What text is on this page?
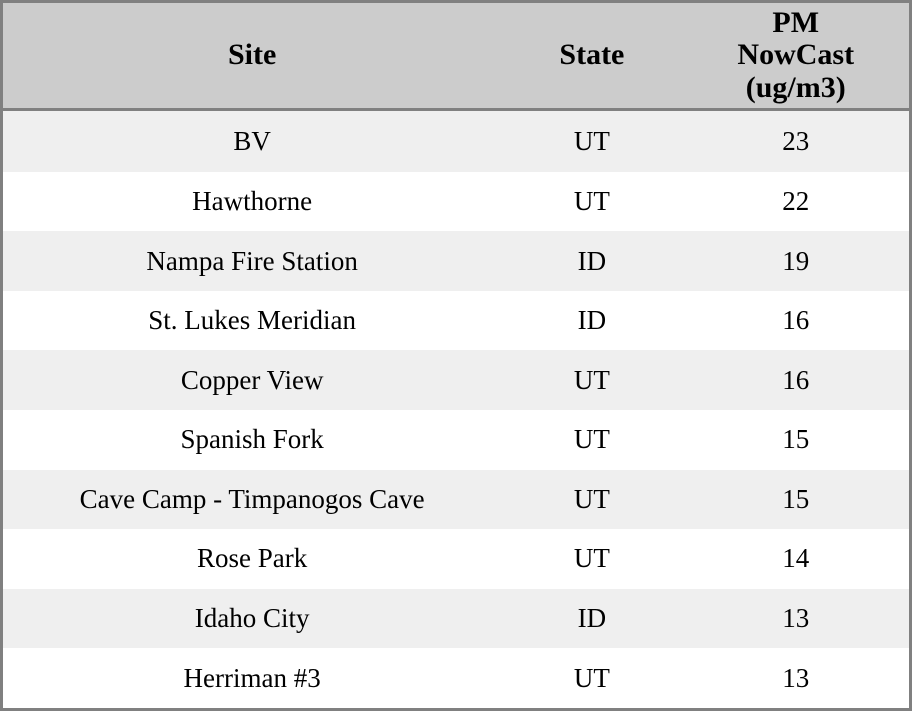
Site	State	PM
NowCast
(ug/m3)

BV	UT	23
Hawthorne	UT	22
Nampa Fire Station	ID	19
St. Lukes Meridian	ID	16
Copper View	UT	16
Spanish Fork	UT	15
Cave Camp - Timpanogos Cave	UT	15
Rose Park	UT	14
Idaho City	ID	13
Herriman #3	UT	13
